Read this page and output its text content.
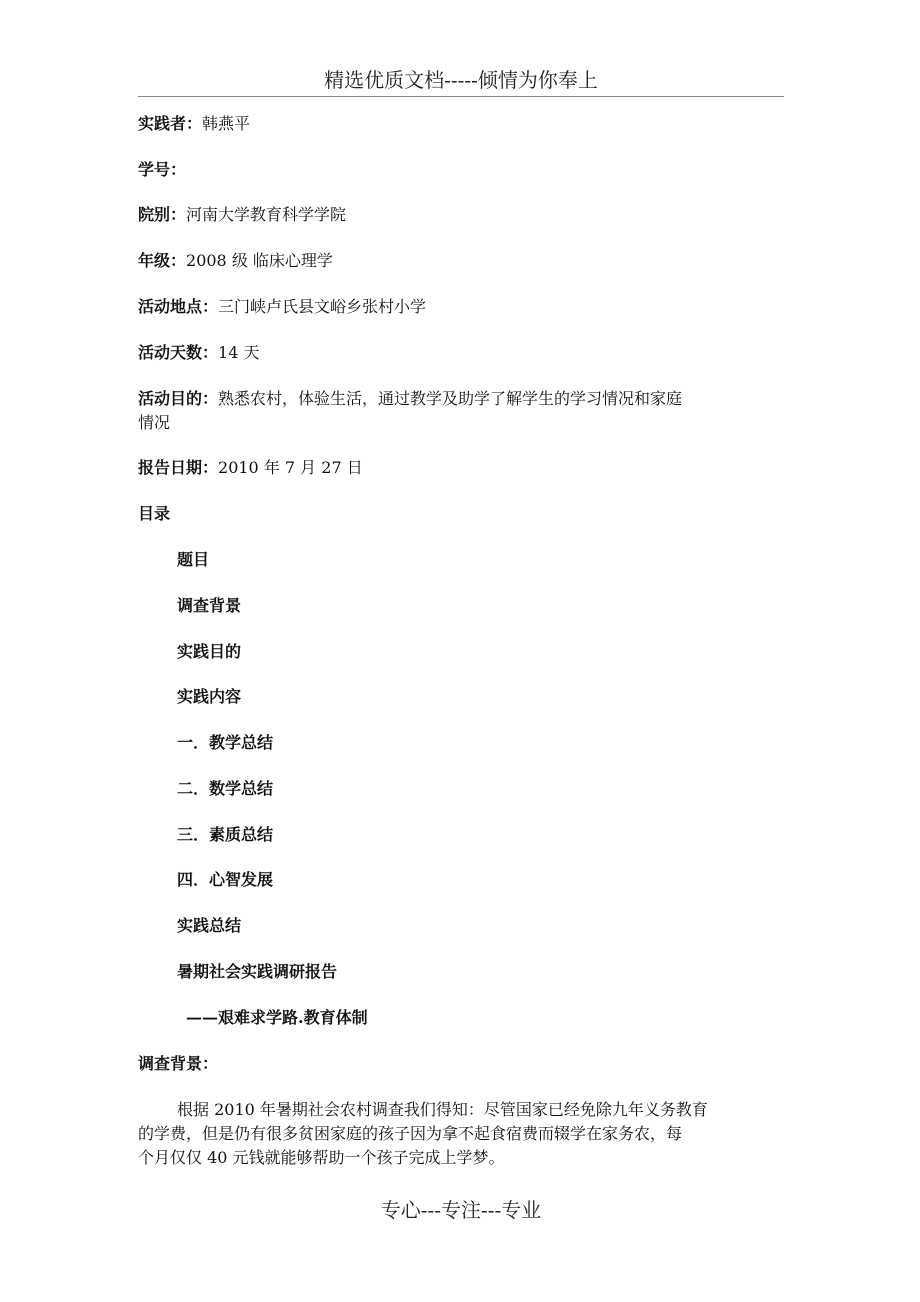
精选优质文档-----倾情为你奉上
实践者：韩燕平
学号：
院别：河南大学教育科学学院
年级：2008 级 临床心理学
活动地点：三门峡卢氏县文峪乡张村小学
活动天数：14 天
活动目的：熟悉农村，体验生活，通过教学及助学了解学生的学习情况和家庭
情况
报告日期：2010 年 7 月 27 日
目录
题目
调查背景
实践目的
实践内容
一．教学总结
二．数学总结
三．素质总结
四．心智发展
实践总结
暑期社会实践调研报告
——艰难求学路.教育体制
调查背景：
根据 2010 年暑期社会农村调查我们得知：尽管国家已经免除九年义务教育
的学费，但是仍有很多贫困家庭的孩子因为拿不起食宿费而辍学在家务农，每
个月仅仅 40 元钱就能够帮助一个孩子完成上学梦。
专心---专注---专业
